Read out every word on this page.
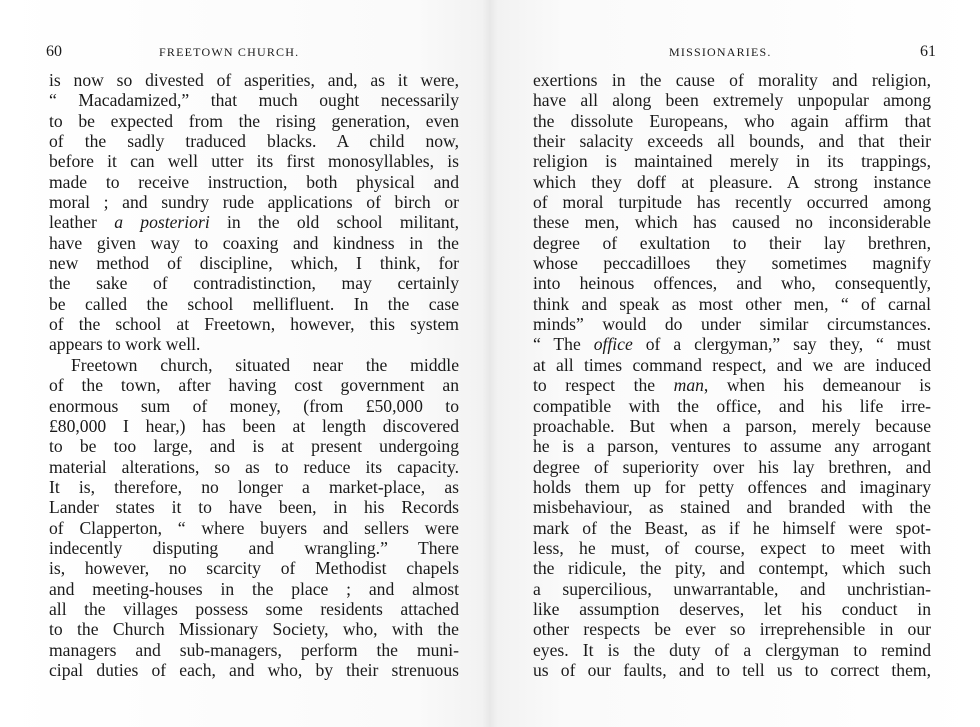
60	FREETOWN CHURCH.
is now so divested of asperities, and, as it were,
“ Macadamized,” that much ought necessarily
to be expected from the rising generation, even
of the sadly traduced blacks. A child now,
before it can well utter its first monosyllables, is
made to receive instruction, both physical and
moral ; and sundry rude applications of birch or
leather a posteriori in the old school militant,
have given way to coaxing and kindness in the
new method of discipline, which, I think, for
the sake of contradistinction, may certainly
be called the school mellifluent. In the case
of the school at Freetown, however, this system
appears to work well.
Freetown church, situated near the middle
of the town, after having cost government an
enormous sum of money, (from £50,000 to
£80,000 I hear,) has been at length discovered
to be too large, and is at present undergoing
material alterations, so as to reduce its capacity.
It is, therefore, no longer a market-place, as
Lander states it to have been, in his Records
of Clapperton, “ where buyers and sellers were
indecently disputing and wrangling.” There
is, however, no scarcity of Methodist chapels
and meeting-houses in the place ; and almost
all the villages possess some residents attached
to the Church Missionary Society, who, with the
managers and sub-managers, perform the muni-
cipal duties of each, and who, by their strenuous
MISSIONARIES.	61
exertions in the cause of morality and religion,
have all along been extremely unpopular among
the dissolute Europeans, who again affirm that
their salacity exceeds all bounds, and that their
religion is maintained merely in its trappings,
which they doff at pleasure. A strong instance
of moral turpitude has recently occurred among
these men, which has caused no inconsiderable
degree of exultation to their lay brethren,
whose peccadilloes they sometimes magnify
into heinous offences, and who, consequently,
think and speak as most other men, “ of carnal
minds” would do under similar circumstances.
“ The office of a clergyman,” say they, “ must
at all times command respect, and we are induced
to respect the man, when his demeanour is
compatible with the office, and his life irre-
proachable. But when a parson, merely because
he is a parson, ventures to assume any arrogant
degree of superiority over his lay brethren, and
holds them up for petty offences and imaginary
misbehaviour, as stained and branded with the
mark of the Beast, as if he himself were spot-
less, he must, of course, expect to meet with
the ridicule, the pity, and contempt, which such
a supercilious, unwarrantable, and unchristian-
like assumption deserves, let his conduct in
other respects be ever so irreprehensible in our
eyes. It is the duty of a clergyman to remind
us of our faults, and to tell us to correct them,
